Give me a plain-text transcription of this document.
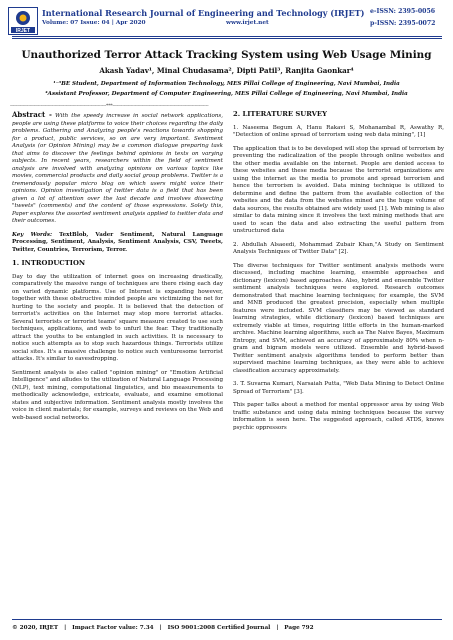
IRJET
International Research Journal of Engineering and Technology (IRJET)
Volume: 07 Issue: 04 | Apr 2020	www.irjet.net
e-ISSN: 2395-0056
p-ISSN: 2395-0072
Unauthorized Terror Attack Tracking System using Web Usage Mining
Akash Yadav¹, Minal Chudasama², Dipti Patil³, Ranjita Gaonkar⁴
¹⁻³BE Student, Department of Information Technology, MES Pillai College of Engineering, Navi Mumbai, India
⁴Assistant Professor, Department of Computer Engineering, MES Pillai College of Engineering, Navi Mumbai, India
---------------------------------------------------------------------***---------------------------------------------------------------------

Abstract - With the speedy increase in social network applications, people are using these platforms to voice their choices regarding the daily problems. Gathering and Analyzing people's reactions towards shopping for a product, public services, so on are very important. Sentiment Analysis (or Opinion Mining) may be a common dialogue preparing task that aims to discover the feelings behind opinions in texts on varying subjects. In recent years, researchers within the field of sentiment analysis are involved with analyzing opinions on various topics like movies, commercial products and daily social group problems. Twitter is a tremendously popular micro blog on which users might voice their opinions. Opinion investigation of twitter data is a field that has been given a lot of attention over the last decade and involves dissecting "tweets" (comments) and the content of those expressions. Solely this, Paper explores the assorted sentiment analysis applied to twitter data and their outcomes.

Key Words: TextBlob, Vader Sentiment, Natural Language Processing, Sentiment, Analysis, Sentiment Analysis, CSV, Tweets, Twitter, Countries, Terrorism, Terror.

1. INTRODUCTION

Day to day the utilization of internet goes on increasing drastically, comparatively the massive range of techniques are there rising each day on varied dynamic platforms. Use of Internet is expanding however, together with these obstructive minded people are victimizing the net for hurting to the society and people. It is believed that the detection of terrorist's activities on the Internet may stop more terrorist attacks. Several terrorists or terrorist teams' square measure created to use such techniques, applications, and web to unfurl the fear. They traditionally attract the youths to be entangled in such activities. It is necessary to notice such attempts as to stop such hazardous things. Terrorists utilize social sites. It's a massive challenge to notice such venturesome terrorist attacks. It's similar to eavesdropping.

Sentiment analysis is also called "opinion mining" or "Emotion Artificial Intelligence" and alludes to the utilization of Natural Language Processing (NLP), text mining, computational linguistics, and bio measurements to methodically acknowledge, extricate, evaluate, and examine emotional states and subjective information. Sentiment analysis mostly involves the voice in client materials; for example, surveys and reviews on the Web and web-based social networks.

2. LITERATURE SURVEY

1. Naseema Begum A, Hanu Rakavi S, Mohanambal R, Aswathy R, "Detection of online spread of terrorism using web data mining", [1]

The application that is to be developed will stop the spread of terrorism by preventing the radicalization of the people through online websites and the other media available on the internet. People are denied access to these websites and these media because the terrorist organizations are using the internet as the media to promote and spread terrorism and hence the terrorism is avoided. Data mining technique is utilized to determine and define the pattern from the available collection of the websites and the data from the websites mined are the huge volume of data sources, the results obtained are widely used [1]. Web mining is also similar to data mining since it involves the text mining methods that are used to scan the data and also extracting the useful pattern from unstructured data

2. Abdullah Alsaeedi, Mohammad Zubair Khan,"A Study on Sentiment Analysis Techniques of Twitter Data" [2].

The diverse techniques for Twitter sentiment analysis methods were discussed, including machine learning, ensemble approaches and dictionary (lexicon) based approaches. Also, hybrid and ensemble Twitter sentiment analysis techniques were explored. Research outcomes demonstrated that machine learning techniques; for example, the SVM and MNB produced the greatest precision, especially when multiple features were included. SVM classifiers may be viewed as standard learning strategies, while dictionary (lexicon) based techniques are extremely viable at times, requiring little efforts in the human-marked archive. Machine learning algorithms, such as The Naive Bayes, Maximum Entropy, and SVM, achieved an accuracy of approximately 80% when n-gram and bigram models were utilized. Ensemble and hybrid-based Twitter sentiment analysis algorithms tended to perform better than supervised machine learning techniques, as they were able to achieve classification accuracy approximately.

3. T. Suvarna Kumari, Narsaiah Putta, "Web Data Mining to Detect Online Spread of Terrorism" [3].

This paper talks about a method for mental oppressor area by using Web traffic substance and using data mining techniques because the survey information is seen here. The suggested approach, called ATDS, knows psychic oppressors

© 2020, IRJET | Impact Factor value: 7.34 | ISO 9001:2008 Certified Journal | Page 792
